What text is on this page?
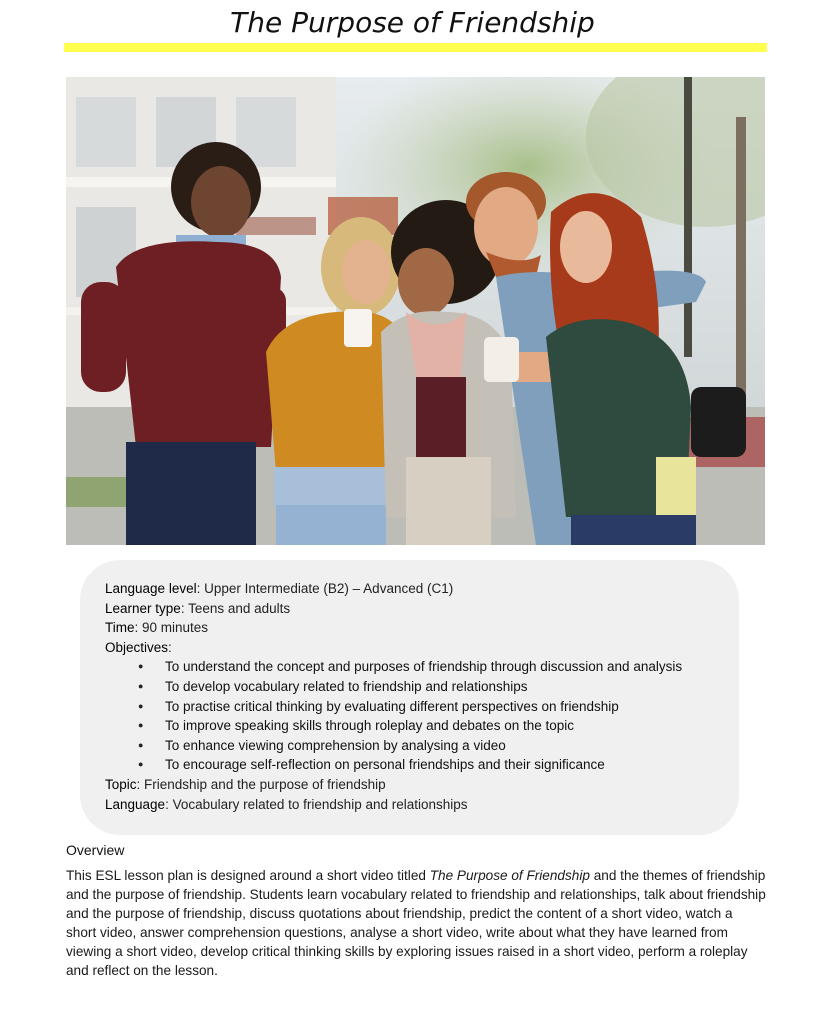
The Purpose of Friendship
Language level: Upper Intermediate (B2) – Advanced (C1)
Learner type: Teens and adults
Time: 90 minutes
Objectives:
● To understand the concept and purposes of friendship through discussion and analysis
● To develop vocabulary related to friendship and relationships
● To practise critical thinking by evaluating different perspectives on friendship
● To improve speaking skills through roleplay and debates on the topic
● To enhance viewing comprehension by analysing a video
● To encourage self-reflection on personal friendships and their significance
Topic: Friendship and the purpose of friendship
Language: Vocabulary related to friendship and relationships
Overview
This ESL lesson plan is designed around a short video titled The Purpose of Friendship and the themes of friendship and the purpose of friendship. Students learn vocabulary related to friendship and relationships, talk about friendship and the purpose of friendship, discuss quotations about friendship, predict the content of a short video, watch a short video, answer comprehension questions, analyse a short video, write about what they have learned from viewing a short video, develop critical thinking skills by exploring issues raised in a short video, perform a roleplay and reflect on the lesson.
